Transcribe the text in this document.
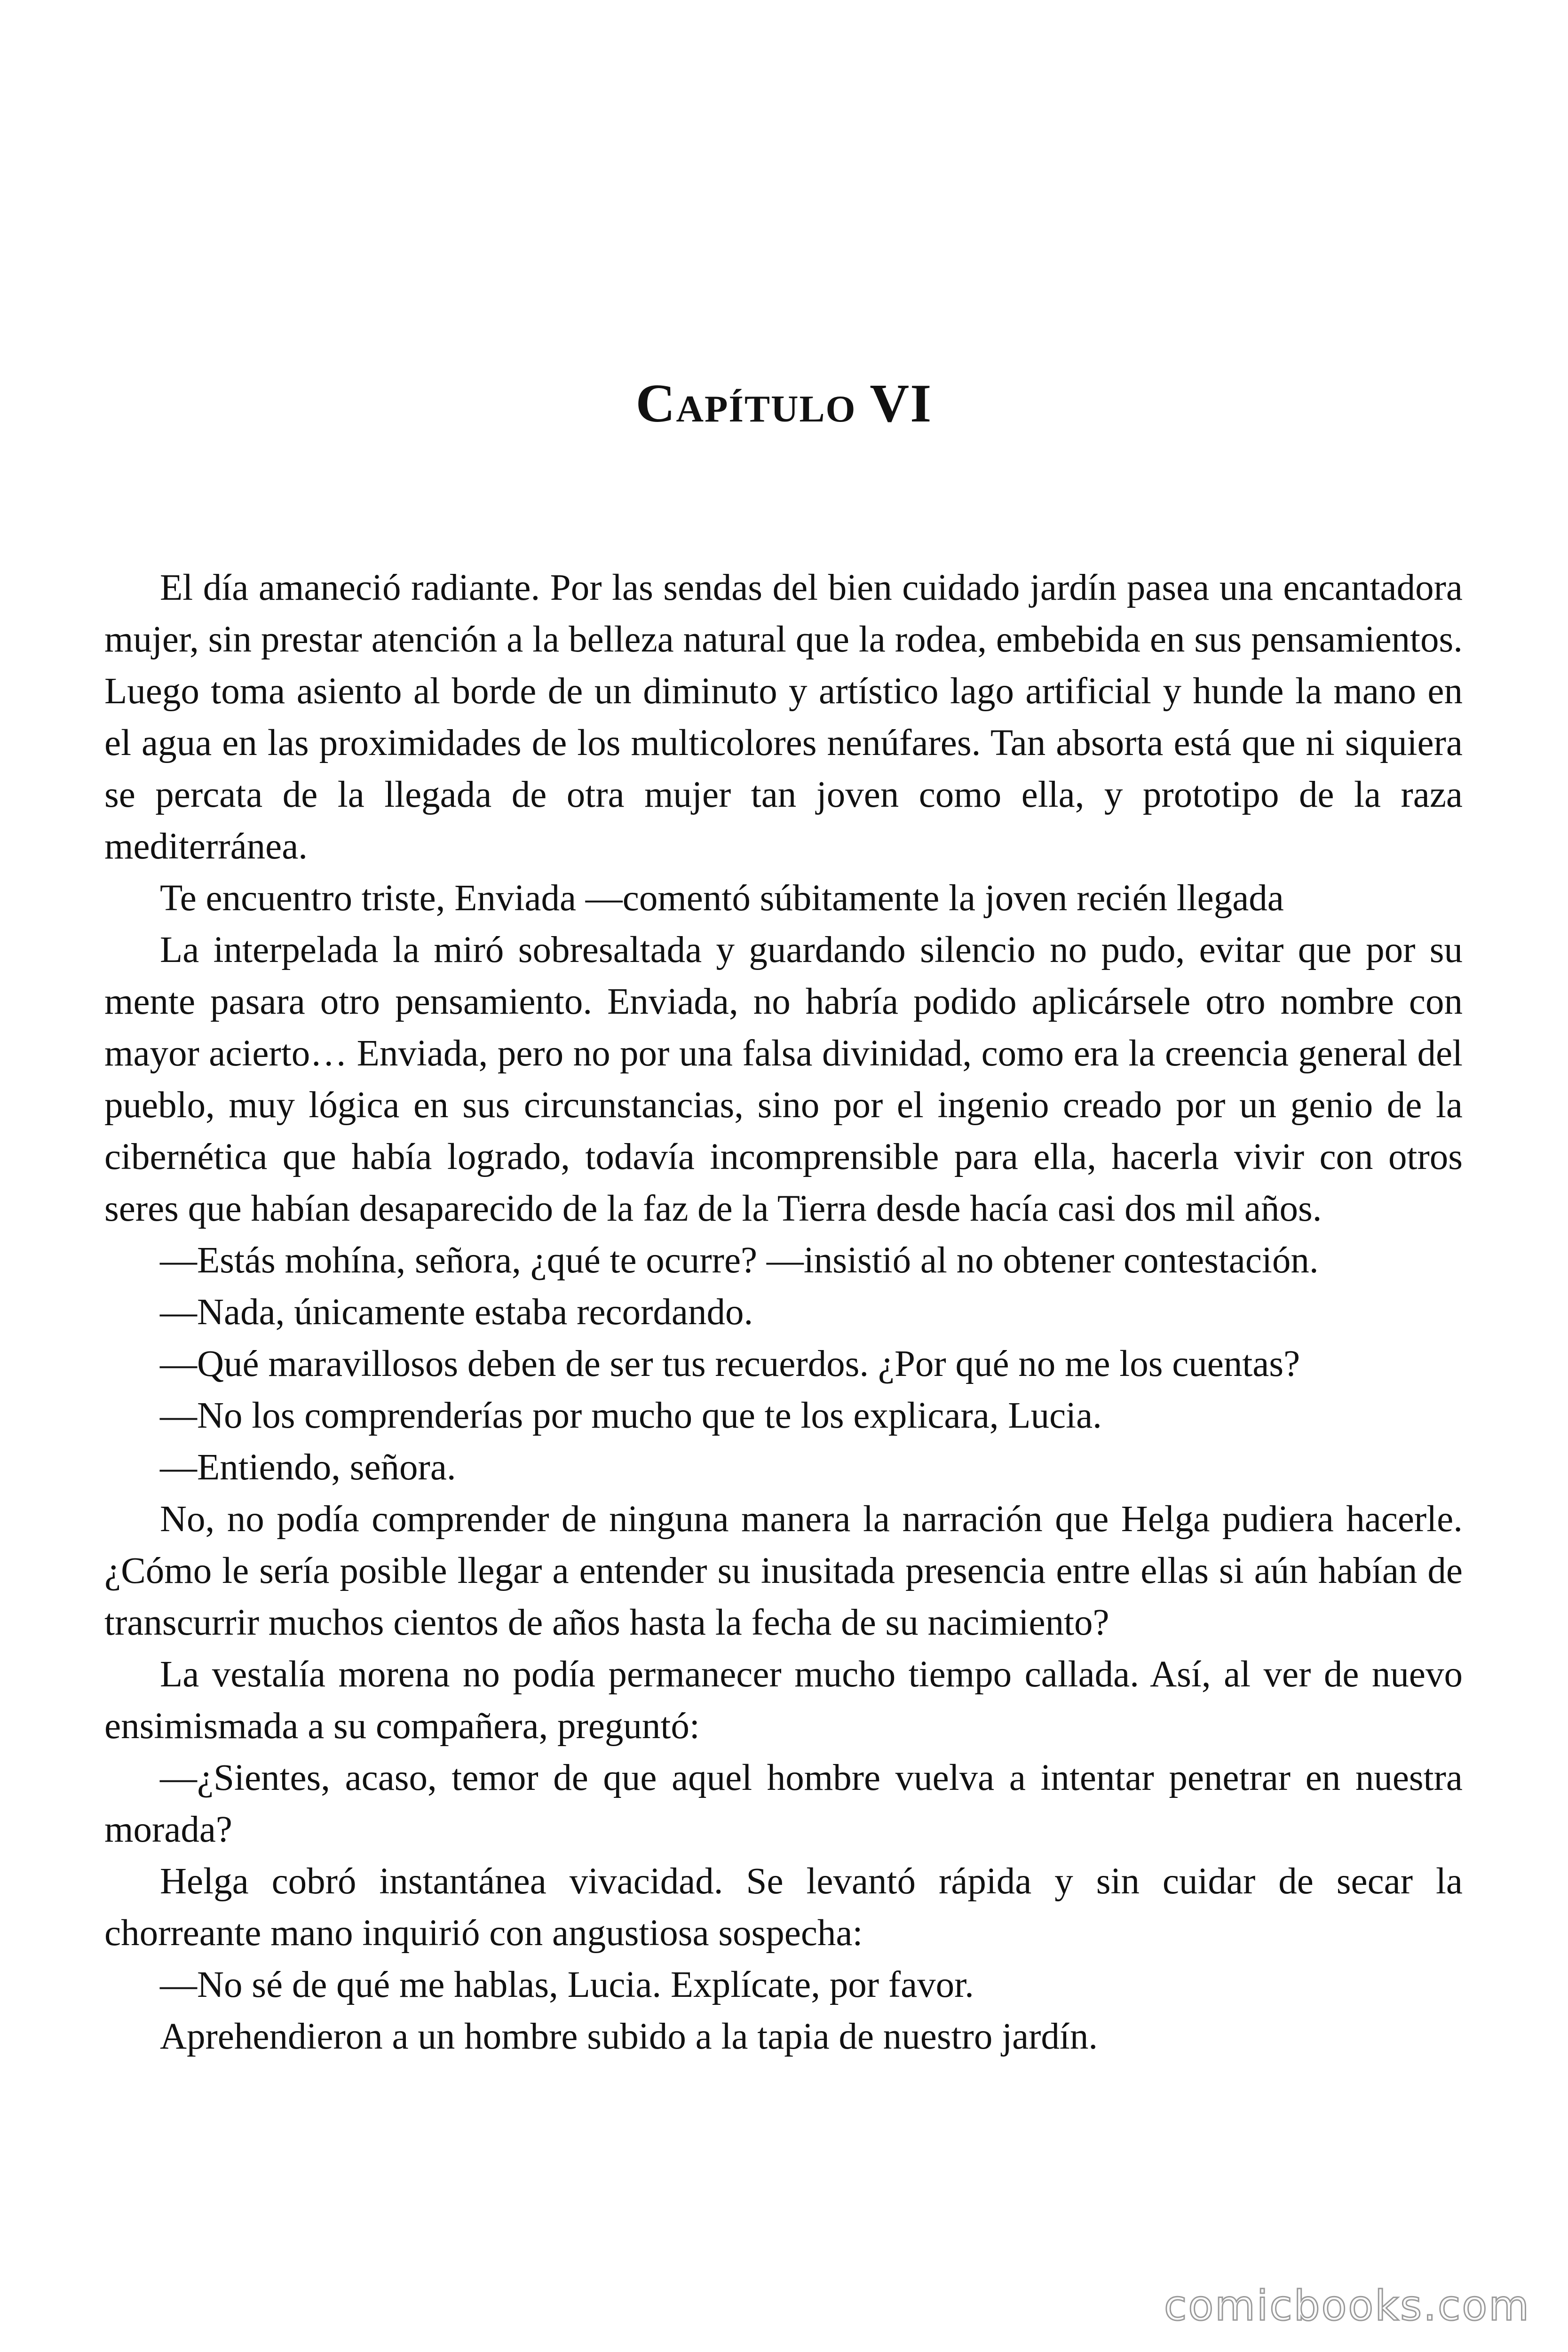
Capítulo VI

El día amaneció radiante. Por las sendas del bien cuidado jardín pasea una encantadora mujer, sin prestar atención a la belleza natural que la rodea, embebida en sus pensamientos. Luego toma asiento al borde de un diminuto y artístico lago artificial y hunde la mano en el agua en las proximidades de los multicolores nenúfares. Tan absorta está que ni siquiera se percata de la llegada de otra mujer tan joven como ella, y prototipo de la raza mediterránea.

Te encuentro triste, Enviada —comentó súbitamente la joven recién llegada

La interpelada la miró sobresaltada y guardando silencio no pudo, evitar que por su mente pasara otro pensamiento. Enviada, no habría podido aplicársele otro nombre con mayor acierto… Enviada, pero no por una falsa divinidad, como era la creencia general del pueblo, muy lógica en sus circunstancias, sino por el ingenio creado por un genio de la cibernética que había logrado, todavía incomprensible para ella, hacerla vivir con otros seres que habían desaparecido de la faz de la Tierra desde hacía casi dos mil años.

—Estás mohína, señora, ¿qué te ocurre? —insistió al no obtener contestación.

—Nada, únicamente estaba recordando.

—Qué maravillosos deben de ser tus recuerdos. ¿Por qué no me los cuentas?

—No los comprenderías por mucho que te los explicara, Lucia.

—Entiendo, señora.

No, no podía comprender de ninguna manera la narración que Helga pudiera hacerle. ¿Cómo le sería posible llegar a entender su inusitada presencia entre ellas si aún habían de transcurrir muchos cientos de años hasta la fecha de su nacimiento?

La vestalía morena no podía permanecer mucho tiempo callada. Así, al ver de nuevo ensimismada a su compañera, preguntó:

—¿Sientes, acaso, temor de que aquel hombre vuelva a intentar penetrar en nuestra morada?

Helga cobró instantánea vivacidad. Se levantó rápida y sin cuidar de secar la chorreante mano inquirió con angustiosa sospecha:

—No sé de qué me hablas, Lucia. Explícate, por favor.

Aprehendieron a un hombre subido a la tapia de nuestro jardín.

comicbooks.com
